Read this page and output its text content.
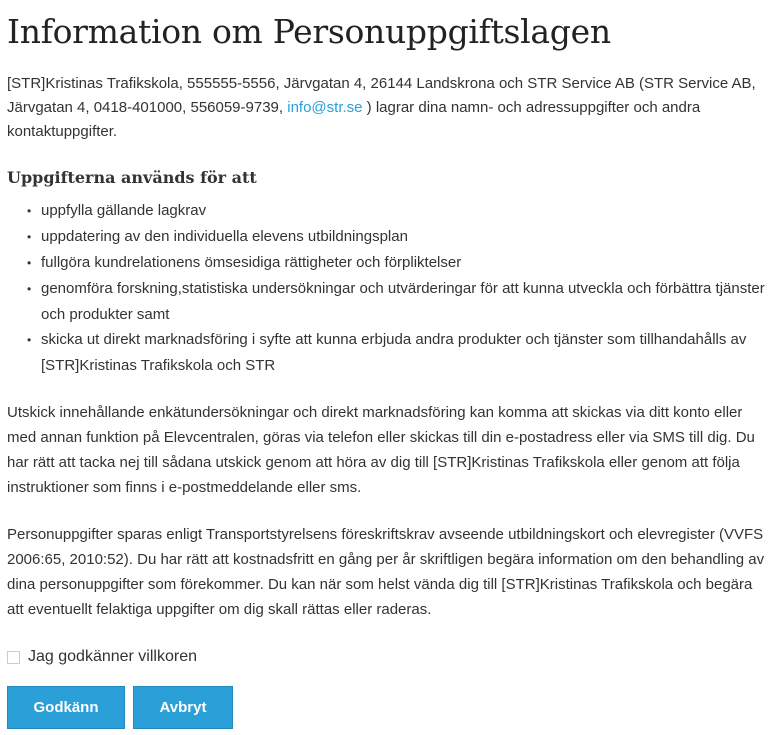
Information om Personuppgiftslagen

[STR]Kristinas Trafikskola, 555555-5556, Järvgatan 4, 26144 Landskrona och STR Service AB (STR Service AB, Järvgatan 4, 0418-401000, 556059-9739, info@str.se ) lagrar dina namn- och adressuppgifter och andra kontaktuppgifter.

Uppgifterna används för att
• uppfylla gällande lagkrav
• uppdatering av den individuella elevens utbildningsplan
• fullgöra kundrelationens ömsesidiga rättigheter och förpliktelser
• genomföra forskning,statistiska undersökningar och utvärderingar för att kunna utveckla och förbättra tjänster och produkter samt
• skicka ut direkt marknadsföring i syfte att kunna erbjuda andra produkter och tjänster som tillhandahålls av [STR]Kristinas Trafikskola och STR

Utskick innehållande enkätundersökningar och direkt marknadsföring kan komma att skickas via ditt konto eller med annan funktion på Elevcentralen, göras via telefon eller skickas till din e-postadress eller via SMS till dig. Du har rätt att tacka nej till sådana utskick genom att höra av dig till [STR]Kristinas Trafikskola eller genom att följa instruktioner som finns i e-postmeddelande eller sms.

Personuppgifter sparas enligt Transportstyrelsens föreskriftskrav avseende utbildningskort och elevregister (VVFS 2006:65, 2010:52). Du har rätt att kostnadsfritt en gång per år skriftligen begära information om den behandling av dina personuppgifter som förekommer. Du kan när som helst vända dig till [STR]Kristinas Trafikskola och begära att eventuellt felaktiga uppgifter om dig skall rättas eller raderas.

Jag godkänner villkoren
Godkänn	Avbryt
